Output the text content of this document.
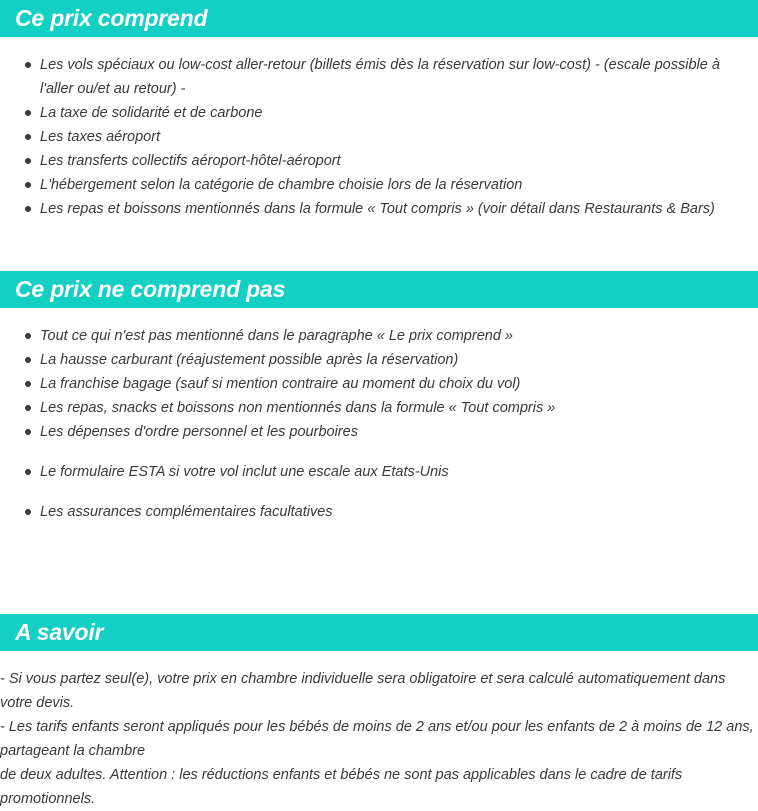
Ce prix comprend
Les vols spéciaux ou low-cost aller-retour (billets émis dès la réservation sur low-cost) - (escale possible à l'aller ou/et au retour) -
La taxe de solidarité et de carbone
Les taxes aéroport
Les transferts collectifs aéroport-hôtel-aéroport
L'hébergement selon la catégorie de chambre choisie lors de la réservation
Les repas et boissons mentionnés dans la formule « Tout compris » (voir détail dans Restaurants & Bars)
Ce prix ne comprend pas
Tout ce qui n'est pas mentionné dans le paragraphe « Le prix comprend »
La hausse carburant (réajustement possible après la réservation)
La franchise bagage (sauf si mention contraire au moment du choix du vol)
Les repas, snacks et boissons non mentionnés dans la formule « Tout compris »
Les dépenses d'ordre personnel et les pourboires
Le formulaire ESTA si votre vol inclut une escale aux Etats-Unis
Les assurances complémentaires facultatives
A savoir

- Si vous partez seul(e), votre prix en chambre individuelle sera obligatoire et sera calculé automatiquement dans votre devis.

- Les tarifs enfants seront appliqués pour les bébés de moins de 2 ans et/ou pour les enfants de 2 à moins de 12 ans, partageant la chambre

de deux adultes. Attention : les réductions enfants et bébés ne sont pas applicables dans le cadre de tarifs promotionnels.
